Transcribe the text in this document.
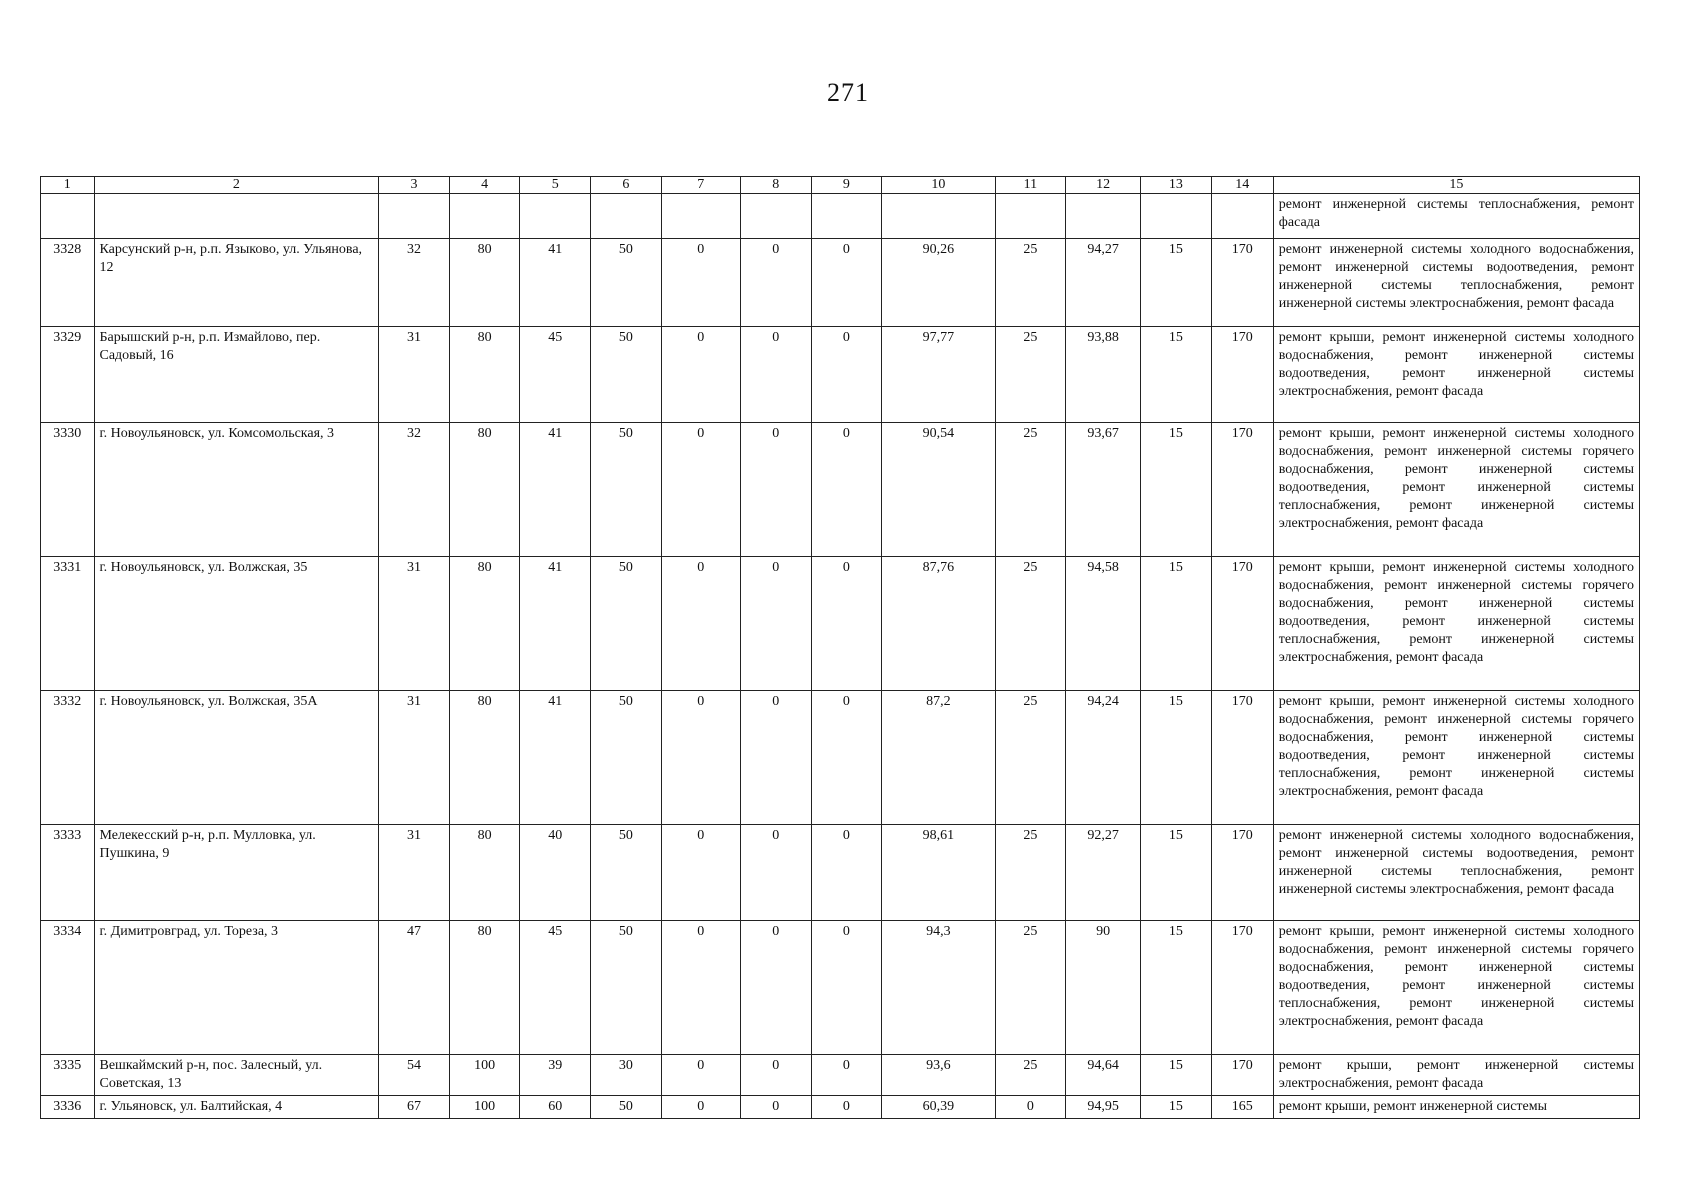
271
1	2	3	4	5	6	7	8	9	10	11	12	13	14	15
														ремонт инженерной системы теплоснабжения, ремонт фасада
3328	Карсунский р-н, р.п. Языково, ул. Ульянова, 12	32	80	41	50	0	0	0	90,26	25	94,27	15	170	ремонт инженерной системы холодного водоснабжения, ремонт инженерной системы водоотведения, ремонт инженерной системы теплоснабжения, ремонт инженерной системы электроснабжения, ремонт фасада
3329	Барышский р-н, р.п. Измайлово, пер. Садовый, 16	31	80	45	50	0	0	0	97,77	25	93,88	15	170	ремонт крыши, ремонт инженерной системы холодного водоснабжения, ремонт инженерной системы водоотведения, ремонт инженерной системы электроснабжения, ремонт фасада
3330	г. Новоульяновск, ул. Комсомольская, 3	32	80	41	50	0	0	0	90,54	25	93,67	15	170	ремонт крыши, ремонт инженерной системы холодного водоснабжения, ремонт инженерной системы горячего водоснабжения, ремонт инженерной системы водоотведения, ремонт инженерной системы теплоснабжения, ремонт инженерной системы электроснабжения, ремонт фасада
3331	г. Новоульяновск, ул. Волжская, 35	31	80	41	50	0	0	0	87,76	25	94,58	15	170	ремонт крыши, ремонт инженерной системы холодного водоснабжения, ремонт инженерной системы горячего водоснабжения, ремонт инженерной системы водоотведения, ремонт инженерной системы теплоснабжения, ремонт инженерной системы электроснабжения, ремонт фасада
3332	г. Новоульяновск, ул. Волжская, 35А	31	80	41	50	0	0	0	87,2	25	94,24	15	170	ремонт крыши, ремонт инженерной системы холодного водоснабжения, ремонт инженерной системы горячего водоснабжения, ремонт инженерной системы водоотведения, ремонт инженерной системы теплоснабжения, ремонт инженерной системы электроснабжения, ремонт фасада
3333	Мелекесский р-н, р.п. Мулловка, ул. Пушкина, 9	31	80	40	50	0	0	0	98,61	25	92,27	15	170	ремонт инженерной системы холодного водоснабжения, ремонт инженерной системы водоотведения, ремонт инженерной системы теплоснабжения, ремонт инженерной системы электроснабжения, ремонт фасада
3334	г. Димитровград, ул. Тореза, 3	47	80	45	50	0	0	0	94,3	25	90	15	170	ремонт крыши, ремонт инженерной системы холодного водоснабжения, ремонт инженерной системы горячего водоснабжения, ремонт инженерной системы водоотведения, ремонт инженерной системы теплоснабжения, ремонт инженерной системы электроснабжения, ремонт фасада
3335	Вешкаймский р-н, пос. Залесный, ул. Советская, 13	54	100	39	30	0	0	0	93,6	25	94,64	15	170	ремонт крыши, ремонт инженерной системы электроснабжения, ремонт фасада
3336	г. Ульяновск, ул. Балтийская, 4	67	100	60	50	0	0	0	60,39	0	94,95	15	165	ремонт крыши, ремонт инженерной системы
